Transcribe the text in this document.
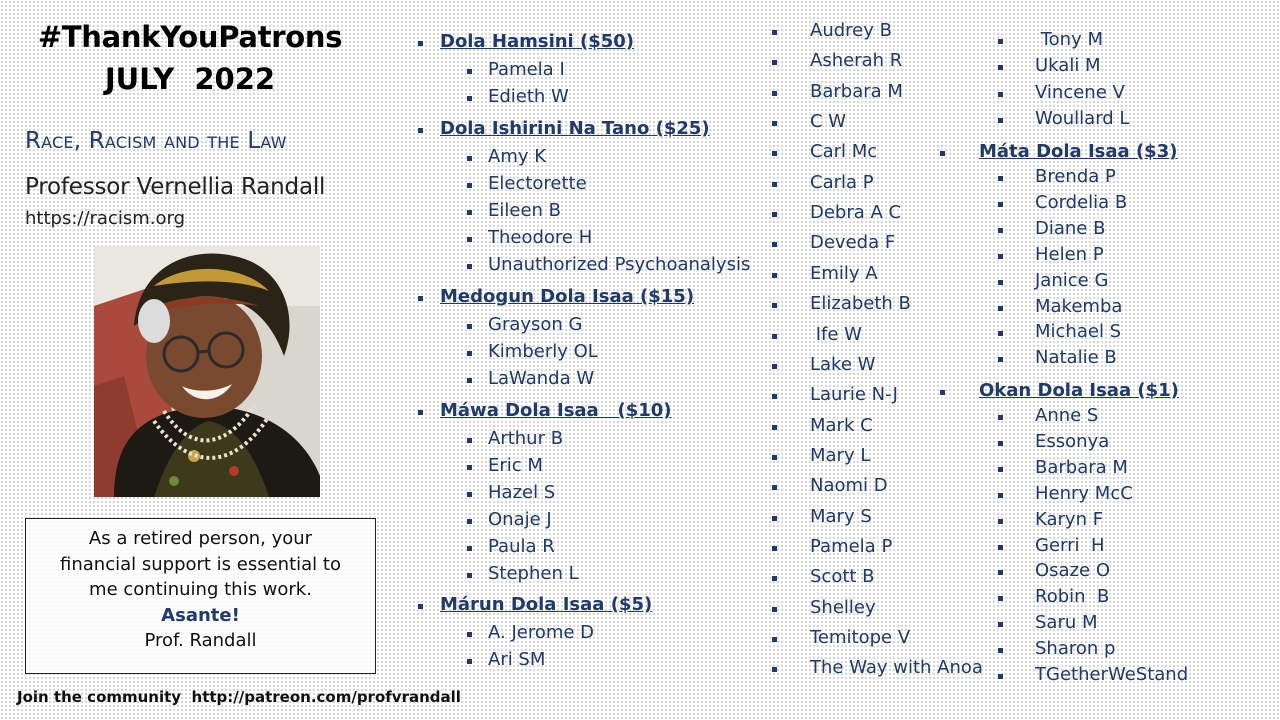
#ThankYouPatrons
JULY  2022
Race, Racism and the Law
Professor Vernellia Randall
https://racism.org
As a retired person, your
financial support is essential to
me continuing this work.
Asante!
Prof. Randall
Join the community  http://patreon.com/profvrandall
Dola Hamsini ($50)
Pamela I
Edieth W
Dola Ishirini Na Tano ($25)
Amy K
Electorette
Eileen B
Theodore H
Unauthorized Psychoanalysis
Medogun Dola Isaa ($15)
Grayson G
Kimberly OL
LaWanda W
Máwa Dola Isaa   ($10)
Arthur B
Eric M
Hazel S
Onaje J
Paula R
Stephen L
Márun Dola Isaa ($5)
A. Jerome D
Ari SM
Audrey B
Asherah R
Barbara M
C W
Carl Mc
Carla P
Debra A C
Deveda F
Emily A
Elizabeth B
Ife W
Lake W
Laurie N-J
Mark C
Mary L
Naomi D
Mary S
Pamela P
Scott B
Shelley
Temitope V
The Way with Anoa
Tony M
Ukali M
Vincene V
Woullard L
Máta Dola Isaa ($3)
Brenda P
Cordelia B
Diane B
Helen P
Janice G
Makemba
Michael S
Natalie B
Okan Dola Isaa ($1)
Anne S
Essonya
Barbara M
Henry McC
Karyn F
Gerri  H
Osaze O
Robin  B
Saru M
Sharon p
TGetherWeStand
